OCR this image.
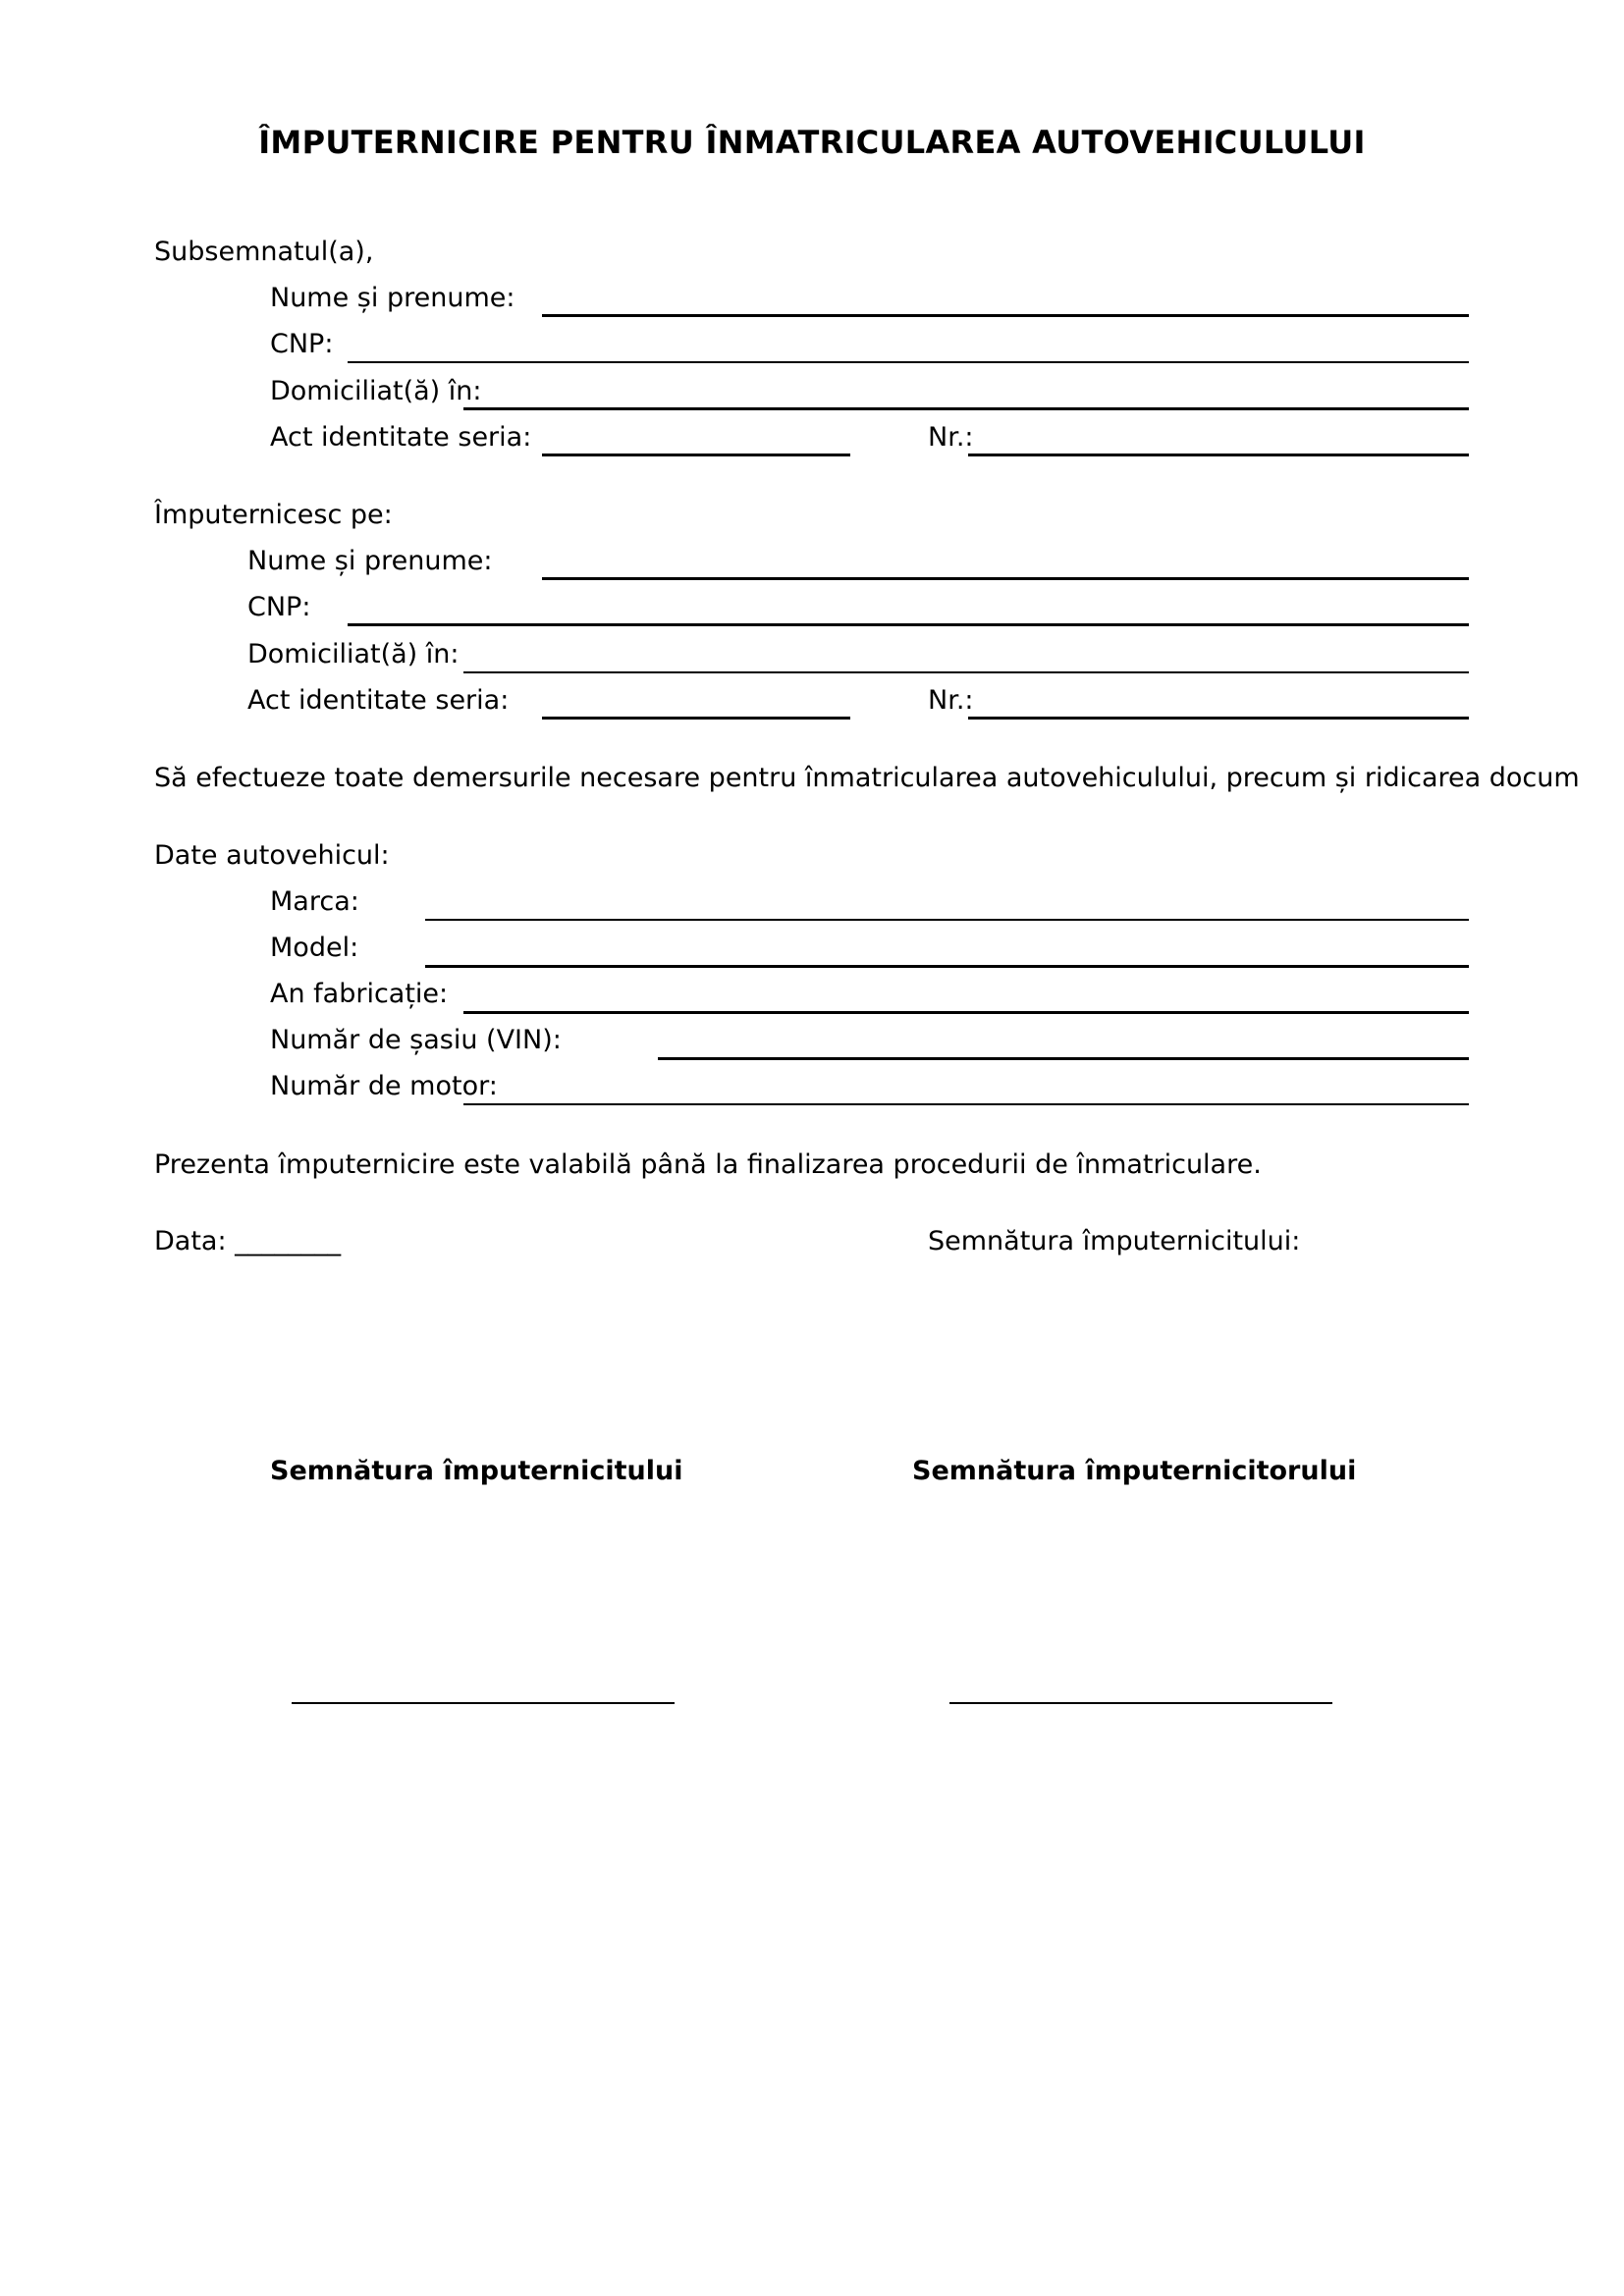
ÎMPUTERNICIRE PENTRU ÎNMATRICULAREA AUTOVEHICULULUI
Subsemnatul(a),
Nume și prenume:
CNP:
Domiciliat(ă) în:
Act identitate seria:	Nr.:
Împuternicesc pe:
Nume și prenume:
CNP:
Domiciliat(ă) în:
Act identitate seria:	Nr.:
Să efectueze toate demersurile necesare pentru înmatricularea autovehiculului, precum și ridicarea docum
Date autovehicul:
Marca:
Model:
An fabricație:
Număr de șasiu (VIN):
Număr de motor:
Prezenta împuternicire este valabilă până la finalizarea procedurii de înmatriculare.
Data: ________	Semnătura împuternicitului:
Semnătura împuternicitului	Semnătura împuternicitorului
